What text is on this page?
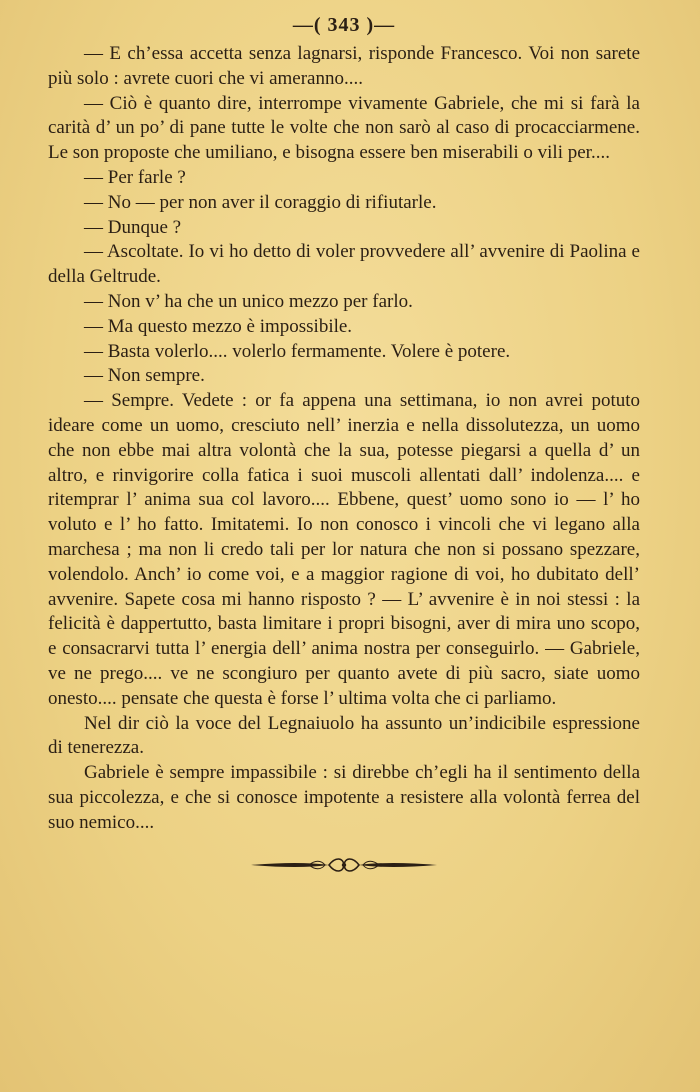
—( 343 )—

— E ch’essa accetta senza lagnarsi, risponde Francesco. Voi non sarete più solo : avrete cuori che vi ameranno....

— Ciò è quanto dire, interrompe vivamente Gabriele, che mi si farà la carità d’ un po’ di pane tutte le volte che non sarò al caso di procacciarmene. Le son proposte che umiliano, e bisogna essere ben miserabili o vili per....

— Per farle ?

— No — per non aver il coraggio di rifiutarle.

— Dunque ?

— Ascoltate. Io vi ho detto di voler provvedere all’ avvenire di Paolina e della Geltrude.

— Non v’ ha che un unico mezzo per farlo.

— Ma questo mezzo è impossibile.

— Basta volerlo.... volerlo fermamente. Volere è potere.

— Non sempre.

— Sempre. Vedete : or fa appena una settimana, io non avrei potuto ideare come un uomo, cresciuto nell’ inerzia e nella dissolutezza, un uomo che non ebbe mai altra volontà che la sua, potesse piegarsi a quella d’ un altro, e rinvigorire colla fatica i suoi muscoli allentati dall’ indolenza.... e ritemprar l’ anima sua col lavoro.... Ebbene, quest’ uomo sono io — l’ ho voluto e l’ ho fatto. Imitatemi. Io non conosco i vincoli che vi legano alla marchesa ; ma non li credo tali per lor natura che non si possano spezzare, volendolo. Anch’ io come voi, e a maggior ragione di voi, ho dubitato dell’ avvenire. Sapete cosa mi hanno risposto ? — L’ avvenire è in noi stessi : la felicità è dappertutto, basta limitare i propri bisogni, aver di mira uno scopo, e consacrarvi tutta l’ energia dell’ anima nostra per conseguirlo. — Gabriele, ve ne prego.... ve ne scongiuro per quanto avete di più sacro, siate uomo onesto.... pensate che questa è forse l’ ultima volta che ci parliamo.

Nel dir ciò la voce del Legnaiuolo ha assunto un’indicibile espressione di tenerezza.

Gabriele è sempre impassibile : si direbbe ch’egli ha il sentimento della sua piccolezza, e che si conosce impotente a resistere alla volontà ferrea del suo nemico....
